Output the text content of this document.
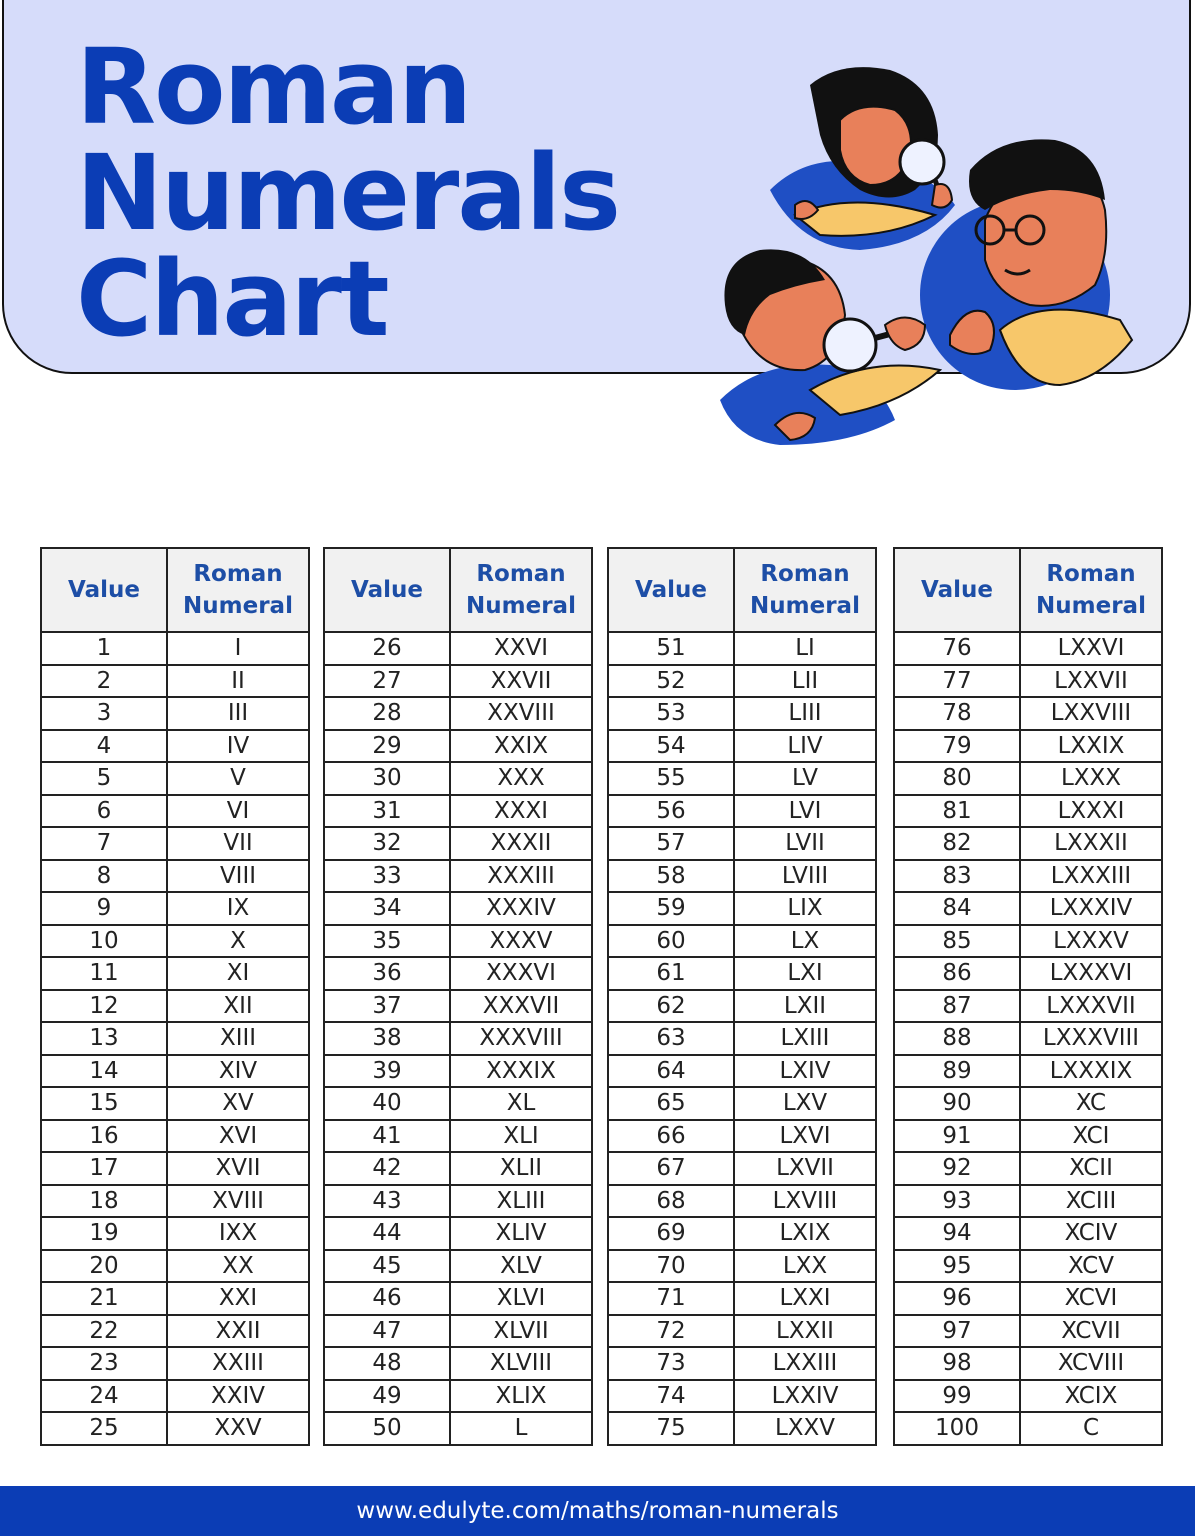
Roman
Numerals
Chart
Value	Roman
Numeral

1	I
2	II
3	III
4	IV
5	V
6	VI
7	VII
8	VIII
9	IX
10	X
11	XI
12	XII
13	XIII
14	XIV
15	XV
16	XVI
17	XVII
18	XVIII
19	IXX
20	XX
21	XXI
22	XXII
23	XXIII
24	XXIV
25	XXV
Value	Roman
Numeral

26	XXVI
27	XXVII
28	XXVIII
29	XXIX
30	XXX
31	XXXI
32	XXXII
33	XXXIII
34	XXXIV
35	XXXV
36	XXXVI
37	XXXVII
38	XXXVIII
39	XXXIX
40	XL
41	XLI
42	XLII
43	XLIII
44	XLIV
45	XLV
46	XLVI
47	XLVII
48	XLVIII
49	XLIX
50	L
Value	Roman
Numeral

51	LI
52	LII
53	LIII
54	LIV
55	LV
56	LVI
57	LVII
58	LVIII
59	LIX
60	LX
61	LXI
62	LXII
63	LXIII
64	LXIV
65	LXV
66	LXVI
67	LXVII
68	LXVIII
69	LXIX
70	LXX
71	LXXI
72	LXXII
73	LXXIII
74	LXXIV
75	LXXV
Value	Roman
Numeral

76	LXXVI
77	LXXVII
78	LXXVIII
79	LXXIX
80	LXXX
81	LXXXI
82	LXXXII
83	LXXXIII
84	LXXXIV
85	LXXXV
86	LXXXVI
87	LXXXVII
88	LXXXVIII
89	LXXXIX
90	XC
91	XCI
92	XCII
93	XCIII
94	XCIV
95	XCV
96	XCVI
97	XCVII
98	XCVIII
99	XCIX
100	C
www.edulyte.com/maths/roman-numerals
